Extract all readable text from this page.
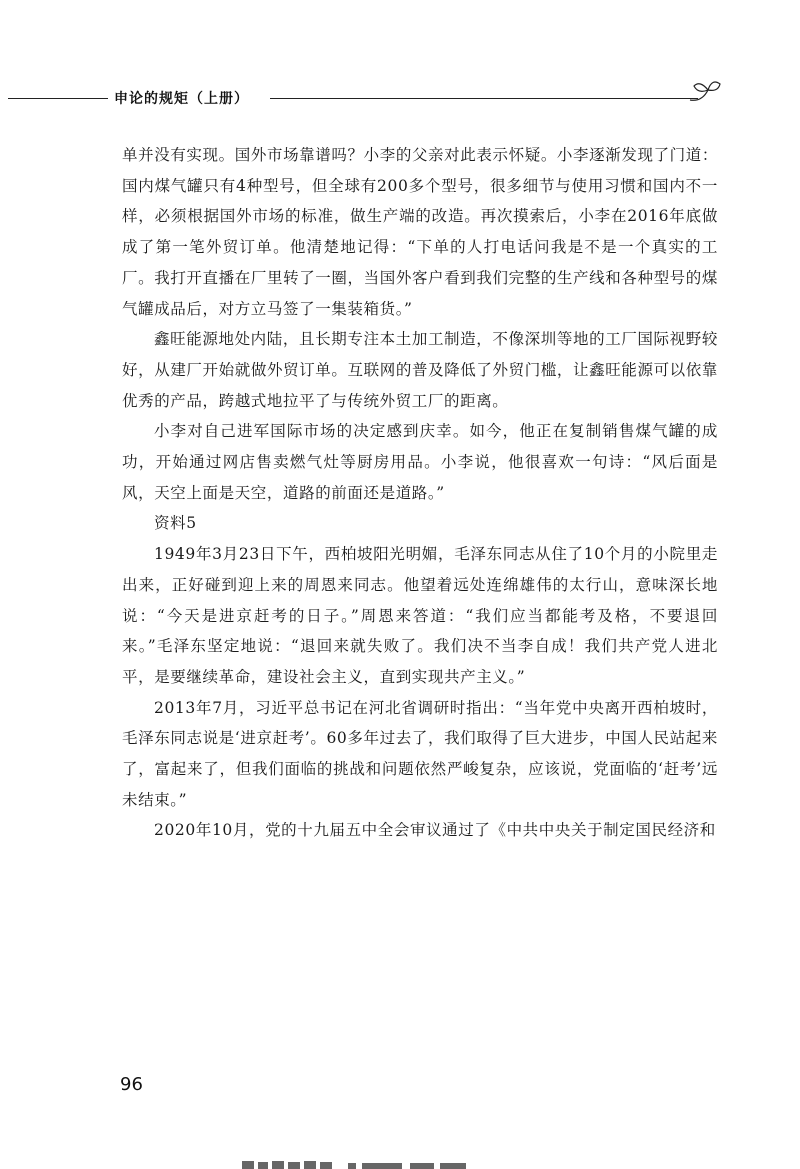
申论的规矩（上册）

单并没有实现。国外市场靠谱吗？小李的父亲对此表示怀疑。小李逐渐发现了门道：国内煤气罐只有4种型号，但全球有200多个型号，很多细节与使用习惯和国内不一样，必须根据国外市场的标准，做生产端的改造。再次摸索后，小李在2016年底做成了第一笔外贸订单。他清楚地记得：“下单的人打电话问我是不是一个真实的工厂。我打开直播在厂里转了一圈，当国外客户看到我们完整的生产线和各种型号的煤气罐成品后，对方立马签了一集装箱货。”

鑫旺能源地处内陆，且长期专注本土加工制造，不像深圳等地的工厂国际视野较好，从建厂开始就做外贸订单。互联网的普及降低了外贸门槛，让鑫旺能源可以依靠优秀的产品，跨越式地拉平了与传统外贸工厂的距离。

小李对自己进军国际市场的决定感到庆幸。如今，他正在复制销售煤气罐的成功，开始通过网店售卖燃气灶等厨房用品。小李说，他很喜欢一句诗：“风后面是风，天空上面是天空，道路的前面还是道路。”

资料5

1949年3月23日下午，西柏坡阳光明媚，毛泽东同志从住了10个月的小院里走出来，正好碰到迎上来的周恩来同志。他望着远处连绵雄伟的太行山，意味深长地说：“今天是进京赶考的日子。”周恩来答道：“我们应当都能考及格，不要退回来。”毛泽东坚定地说：“退回来就失败了。我们决不当李自成！我们共产党人进北平，是要继续革命，建设社会主义，直到实现共产主义。”

2013年7月，习近平总书记在河北省调研时指出：“当年党中央离开西柏坡时，毛泽东同志说是‘进京赶考’。60多年过去了，我们取得了巨大进步，中国人民站起来了，富起来了，但我们面临的挑战和问题依然严峻复杂，应该说，党面临的‘赶考’远未结束。”

2020年10月，党的十九届五中全会审议通过了《中共中央关于制定国民经济和

96
